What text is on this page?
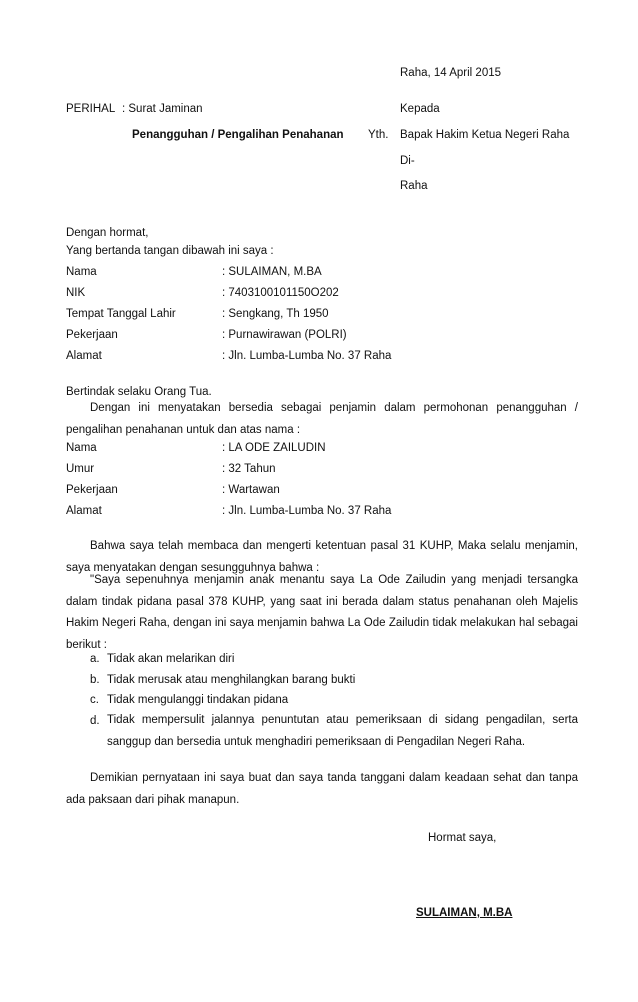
Raha, 14 April 2015
PERIHAL : Surat Jaminan	Kepada
Penangguhan / Pengalihan Penahanan Yth. Bapak Hakim Ketua Negeri Raha
Di-
Raha
Dengan hormat,
Yang bertanda tangan dibawah ini saya :
Nama	: SULAIMAN, M.BA
NIK	: 7403100101150O202
Tempat Tanggal Lahir	: Sengkang, Th 1950
Pekerjaan	: Purnawirawan (POLRI)
Alamat	: Jln. Lumba-Lumba No. 37 Raha
Bertindak selaku Orang Tua.
Dengan ini menyatakan bersedia sebagai penjamin dalam permohonan penangguhan / pengalihan penahanan untuk dan atas nama :
Nama	: LA ODE ZAILUDIN
Umur	: 32 Tahun
Pekerjaan	: Wartawan
Alamat	: Jln. Lumba-Lumba No. 37 Raha
Bahwa saya telah membaca dan mengerti ketentuan pasal 31 KUHP, Maka selalu menjamin, saya menyatakan dengan sesungguhnya bahwa :
"Saya sepenuhnya menjamin anak menantu saya La Ode Zailudin yang menjadi tersangka dalam tindak pidana pasal 378 KUHP, yang saat ini berada dalam status penahanan oleh Majelis Hakim Negeri Raha, dengan ini saya menjamin bahwa La Ode Zailudin tidak melakukan hal sebagai berikut :
a. Tidak akan melarikan diri
b. Tidak merusak atau menghilangkan barang bukti
c. Tidak mengulanggi tindakan pidana
d. Tidak mempersulit jalannya penuntutan atau pemeriksaan di sidang pengadilan, serta sanggup dan bersedia untuk menghadiri pemeriksaan di Pengadilan Negeri Raha.
Demikian pernyataan ini saya buat dan saya tanda tanggani dalam keadaan sehat dan tanpa ada paksaan dari pihak manapun.
Hormat saya,
SULAIMAN, M.BA
